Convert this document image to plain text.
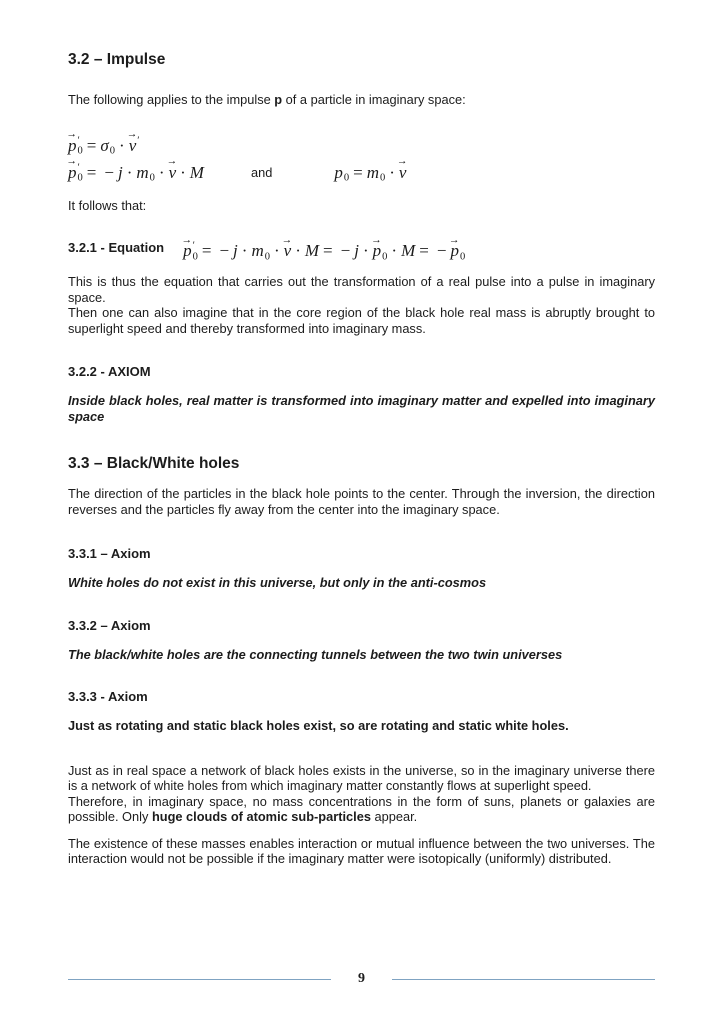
3.2 – Impulse

The following applies to the impulse p of a particle in imaginary space:

p → ′
0 = σ
0 · v → ′

p → ′
0 = − j · m
0 · v → · M	and	p
0 = m
0 · v →

It follows that:

3.2.1 - Equation p → ′
0 = − j · m
0 · v → · M = − j · p →
0 · M = − p →
0

This is thus the equation that carries out the transformation of a real pulse into a pulse in imaginary space.

Then one can also imagine that in the core region of the black hole real mass is abruptly brought to superlight speed and thereby transformed into imaginary mass.

3.2.2 - AXIOM

Inside black holes, real matter is transformed into imaginary matter and expelled into imaginary space

3.3 – Black/White holes

The direction of the particles in the black hole points to the center. Through the inversion, the direction reverses and the particles fly away from the center into the imaginary space.

3.3.1 – Axiom

White holes do not exist in this universe, but only in the anti-cosmos

3.3.2 – Axiom

The black/white holes are the connecting tunnels between the two twin universes

3.3.3 - Axiom

Just as rotating and static black holes exist, so are rotating and static white holes.

Just as in real space a network of black holes exists in the universe, so in the imaginary universe there is a network of white holes from which imaginary matter constantly flows at superlight speed.

Therefore, in imaginary space, no mass concentrations in the form of suns, planets or galaxies are possible. Only huge clouds of atomic sub-particles appear.

The existence of these masses enables interaction or mutual influence between the two universes. The interaction would not be possible if the imaginary matter were isotopically (uniformly) distributed.

9
